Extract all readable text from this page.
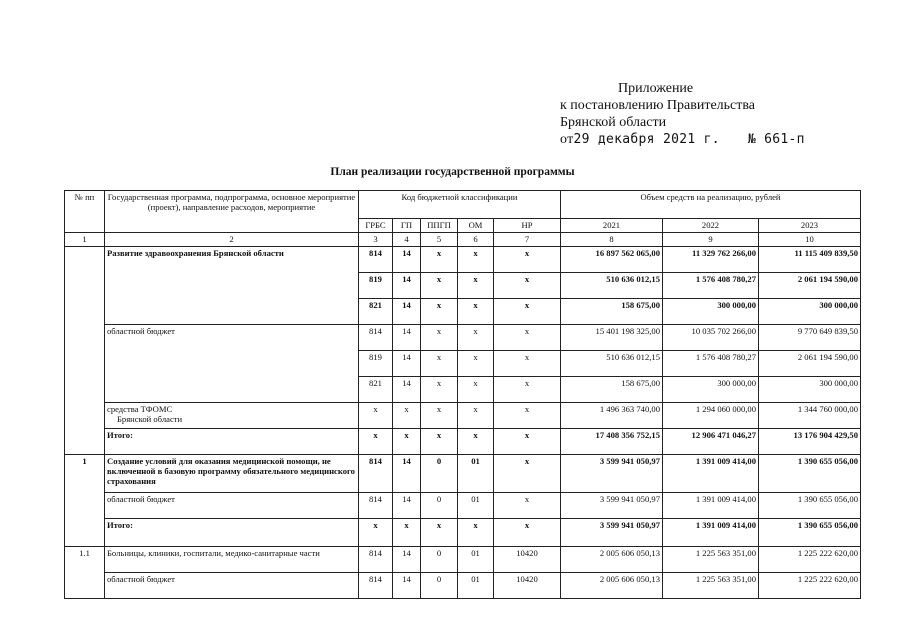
Приложение
к постановлению Правительства
Брянской области
от29 декабря 2021 г. № 661-п
План реализации государственной программы
№ пп	Государственная программа, подпрограмма, основное мероприятие (проект), направление расходов, мероприятие	Код бюджетной классификации					Объем средств на реализацию, рублей		
		ГРБС	ГП	ППГП	ОМ	НР	2021	2022	2023
1	2	3	4	5	6	7	8	9	10
	Развитие здравоохранения Брянской области	814	14	х	х	х	16 897 562 065,00	11 329 762 266,00	11 115 409 839,50
		819	14	х	х	х	510 636 012,15	1 576 408 780,27	2 061 194 590,00
		821	14	х	х	х	158 675,00	300 000,00	300 000,00
	областной бюджет	814	14	х	х	х	15 401 198 325,00	10 035 702 266,00	9 770 649 839,50
		819	14	х	х	х	510 636 012,15	1 576 408 780,27	2 061 194 590,00
		821	14	х	х	х	158 675,00	300 000,00	300 000,00
	средства ТФОМС
Брянской области	х	х	х	х	х	1 496 363 740,00	1 294 060 000,00	1 344 760 000,00
	Итого:	х	х	х	х	х	17 408 356 752,15	12 906 471 046,27	13 176 904 429,50
1	Создание условий для оказания медицинской помощи, не включенной в базовую программу обязательного медицинского страхования	814	14	0	01	х	3 599 941 050,97	1 391 009 414,00	1 390 655 056,00
	областной бюджет	814	14	0	01	х	3 599 941 050,97	1 391 009 414,00	1 390 655 056,00
	Итого:	х	х	х	х	х	3 599 941 050,97	1 391 009 414,00	1 390 655 056,00
1.1	Больницы, клиники, госпитали, медико-санитарные части	814	14	0	01	10420	2 005 606 050,13	1 225 563 351,00	1 225 222 620,00
	областной бюджет	814	14	0	01	10420	2 005 606 050,13	1 225 563 351,00	1 225 222 620,00
